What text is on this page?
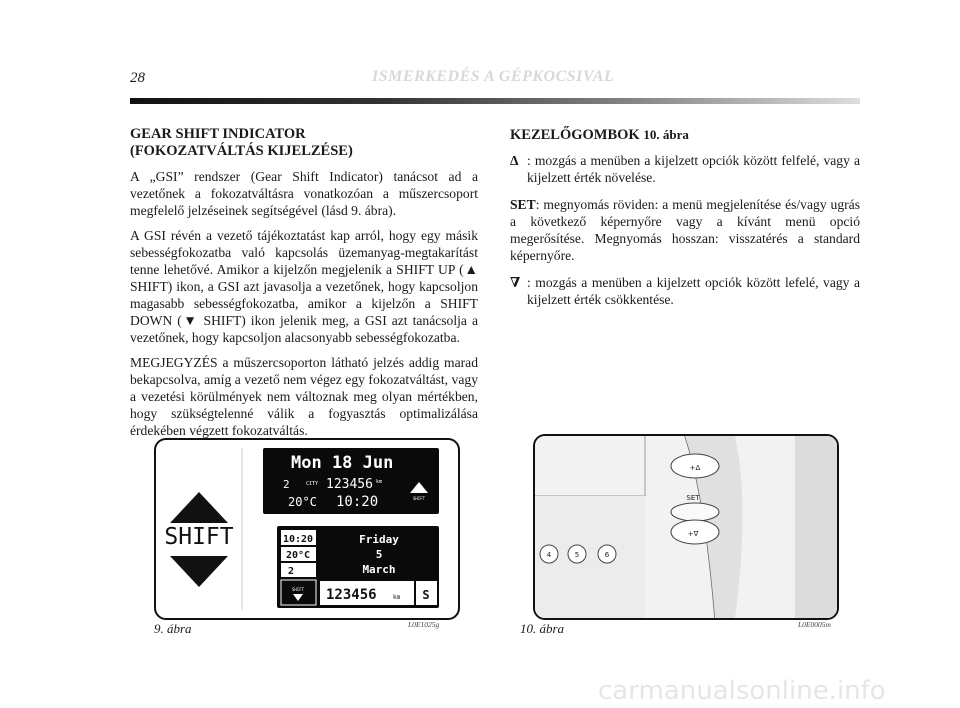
28	ISMERKEDÉS A GÉPKOCSIVAL
GEAR SHIFT INDICATOR
(FOKOZATVÁLTÁS KIJELZÉSE)

A „GSI” rendszer (Gear Shift Indicator) tanácsot ad a vezetőnek a fokozatváltásra vonatkozóan a műszercsoport megfelelő jelzéseinek segítségével (lásd 9. ábra).

A GSI révén a vezető tájékoztatást kap arról, hogy egy másik sebességfokozatba való kapcsolás üzemanyag-megtakarítást tenne lehetővé. Amikor a kijelzőn megjelenik a SHIFT UP (▲ SHIFT) ikon, a GSI azt javasolja a vezetőnek, hogy kapcsoljon magasabb sebességfokozatba, amikor a kijelzőn a SHIFT DOWN (▼ SHIFT) ikon jelenik meg, a GSI azt tanácsolja a vezetőnek, hogy kapcsoljon alacsonyabb sebességfokozatba.

MEGJEGYZÉS a műszercsoporton látható jelzés addig marad bekapcsolva, amíg a vezető nem végez egy fokozatváltást, vagy a vezetési körülmények nem változnak meg olyan mértékben, hogy szükségtelenné válik a fogyasztás optimalizálása érdekében végzett fokozatváltás.

KEZELŐGOMBOK 10. ábra
Δ : mozgás a menüben a kijelzett opciók között felfelé, vagy a kijelzett érték növelése.
SET: megnyomás röviden: a menü megjelenítése és/vagy ugrás a következő képernyőre vagy a kívánt menü opció megerősítése. Megnyomás hosszan: visszatérés a standard képernyőre.
∇ : mozgás a menüben a kijelzett opciók között lefelé, vagy a kijelzett érték csökkentése.
SHIFT
Mon 18 Jun
2	CITY 123456 km
20°C 10:20	SHIFT
10:20
20°C
2
SHIFT
Friday
5
March
123456	km S
9. ábra	L0E1025g
+Δ
SET
+∇
4	5	6
10. ábra	L0E0005m
carmanualsonline.info
